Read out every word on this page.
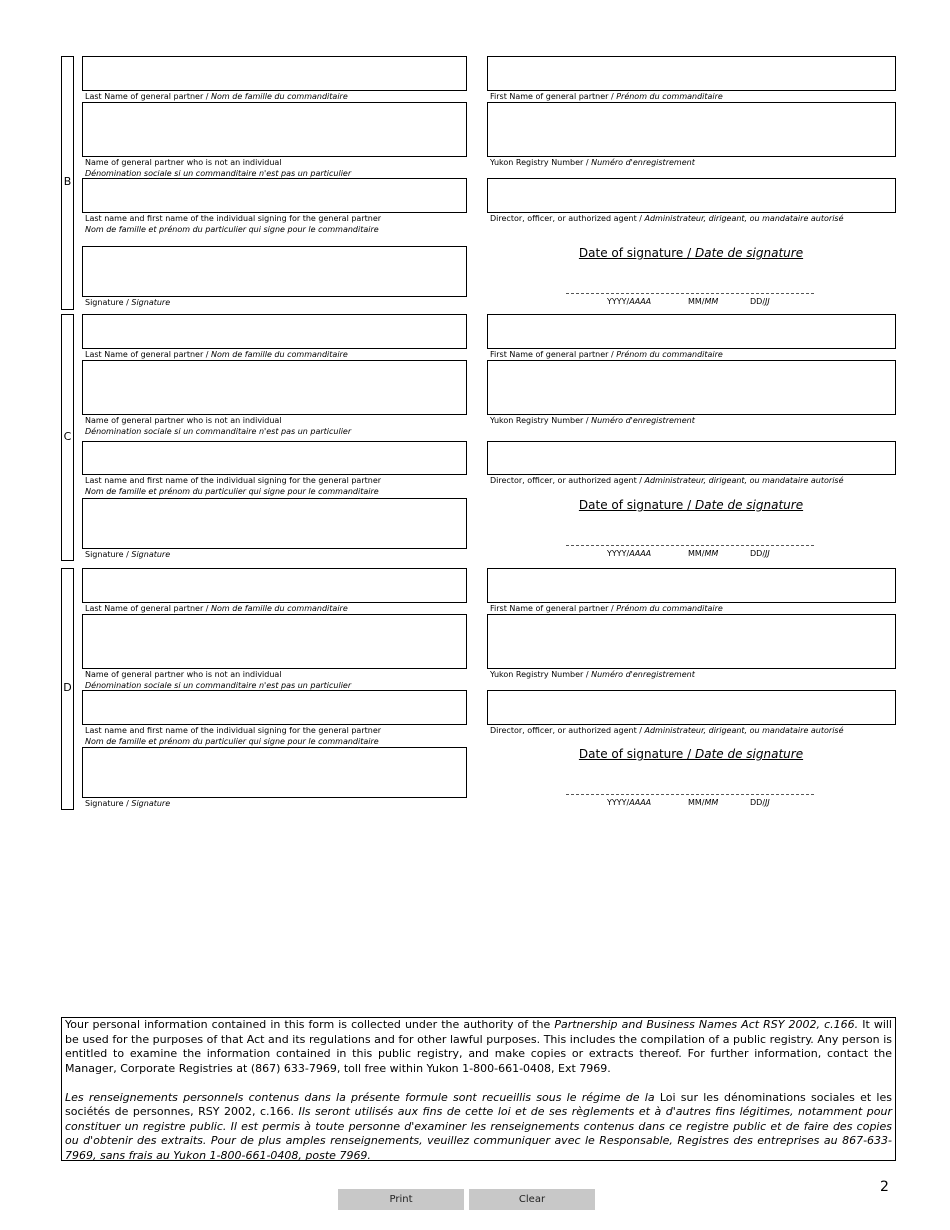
B
Last Name of general partner / Nom de famille du commanditaire	First Name of general partner / Prénom du commanditaire
Name of general partner who is not an individual
Dénomination sociale si un commanditaire n'est pas un particulier
Yukon Registry Number / Numéro d'enregistrement
Last name and first name of the individual signing for the general partner
Nom de famille et prénom du particulier qui signe pour le commanditaire
Director, officer, or authorized agent / Administrateur, dirigeant, ou mandataire autorisé
Signature / Signature
Date of signature / Date de signature
YYYY/AAAA	MM/MM	DD/JJ
C
Last Name of general partner / Nom de famille du commanditaire	First Name of general partner / Prénom du commanditaire
Name of general partner who is not an individual
Dénomination sociale si un commanditaire n'est pas un particulier
Yukon Registry Number / Numéro d'enregistrement
Last name and first name of the individual signing for the general partner
Nom de famille et prénom du particulier qui signe pour le commanditaire
Director, officer, or authorized agent / Administrateur, dirigeant, ou mandataire autorisé
Signature / Signature
Date of signature / Date de signature
YYYY/AAAA	MM/MM	DD/JJ
D
Last Name of general partner / Nom de famille du commanditaire	First Name of general partner / Prénom du commanditaire
Name of general partner who is not an individual
Dénomination sociale si un commanditaire n'est pas un particulier
Yukon Registry Number / Numéro d'enregistrement
Last name and first name of the individual signing for the general partner
Nom de famille et prénom du particulier qui signe pour le commanditaire
Director, officer, or authorized agent / Administrateur, dirigeant, ou mandataire autorisé
Signature / Signature
Date of signature / Date de signature
YYYY/AAAA	MM/MM	DD/JJ

Your personal information contained in this form is collected under the authority of the Partnership and Business Names Act RSY 2002, c.166. It will be used for the purposes of that Act and its regulations and for other lawful purposes. This includes the compilation of a public registry. Any person is entitled to examine the information contained in this public registry, and make copies or extracts thereof. For further information, contact the Manager, Corporate Registries at (867) 633-7969, toll free within Yukon 1-800-661-0408, Ext 7969.

Les renseignements personnels contenus dans la présente formule sont recueillis sous le régime de la Loi sur les dénominations sociales et les sociétés de personnes, RSY 2002, c.166. Ils seront utilisés aux fins de cette loi et de ses règlements et à d'autres fins légitimes, notamment pour constituer un registre public. Il est permis à toute personne d'examiner les renseignements contenus dans ce registre public et de faire des copies ou d'obtenir des extraits. Pour de plus amples renseignements, veuillez communiquer avec le Responsable, Registres des entreprises au 867-633-7969, sans frais au Yukon 1-800-661-0408, poste 7969.

2
Print	Clear
